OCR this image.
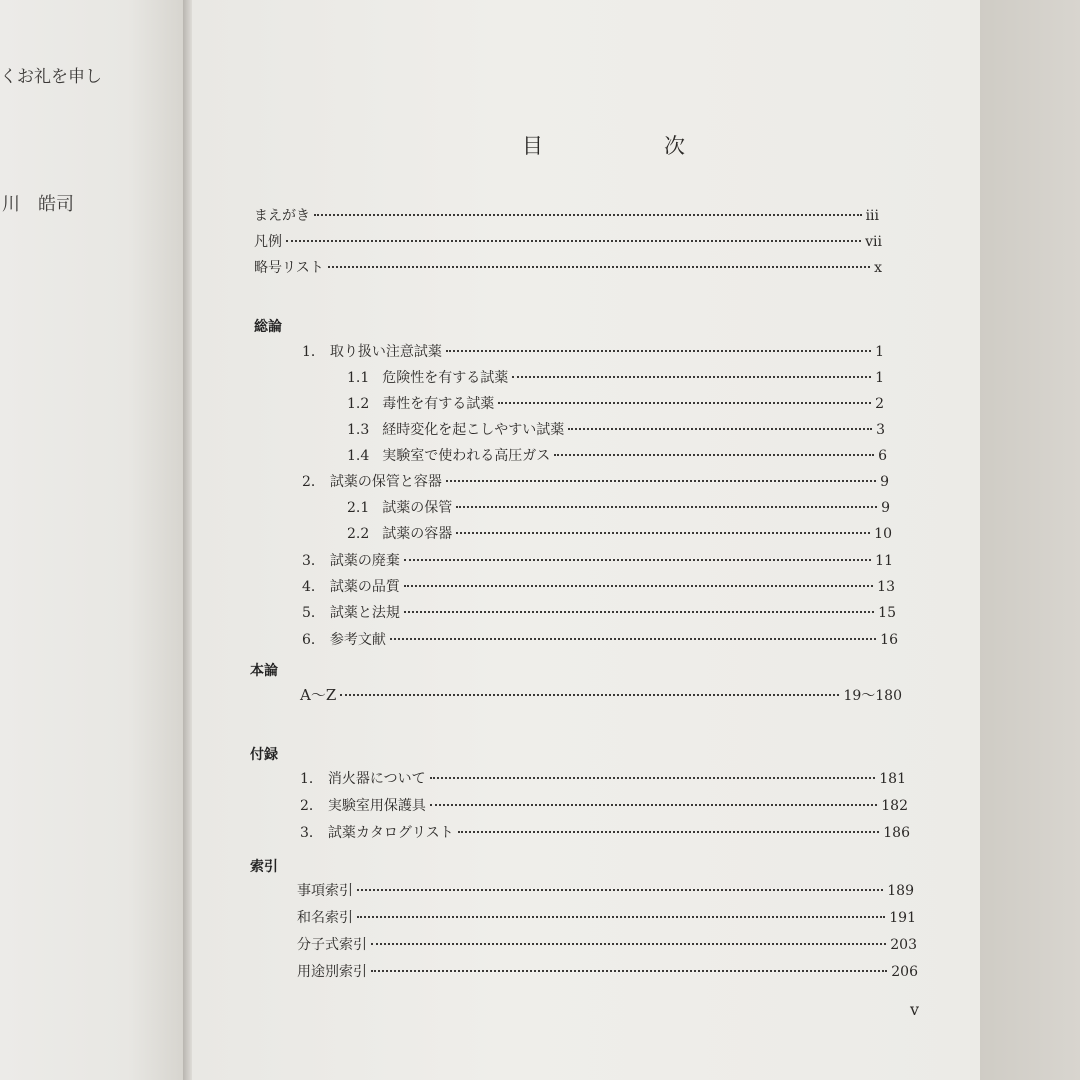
くお礼を申し
川　皓司
目　次
まえがき	iii
凡例	vii
略号リスト	x
総論
1． 取り扱い注意試薬	1
1.1 危険性を有する試薬	1
1.2 毒性を有する試薬	2
1.3 経時変化を起こしやすい試薬	3
1.4 実験室で使われる高圧ガス	6
2． 試薬の保管と容器	9
2.1 試薬の保管	9
2.2 試薬の容器	10
3． 試薬の廃棄	11
4． 試薬の品質	13
5． 試薬と法規	15
6． 参考文献	16
本論
A〜Z	19〜180
付録
1． 消火器について	181
2． 実験室用保護具	182
3． 試薬カタログリスト	186
索引
事項索引	189
和名索引	191
分子式索引	203
用途別索引	206
v
